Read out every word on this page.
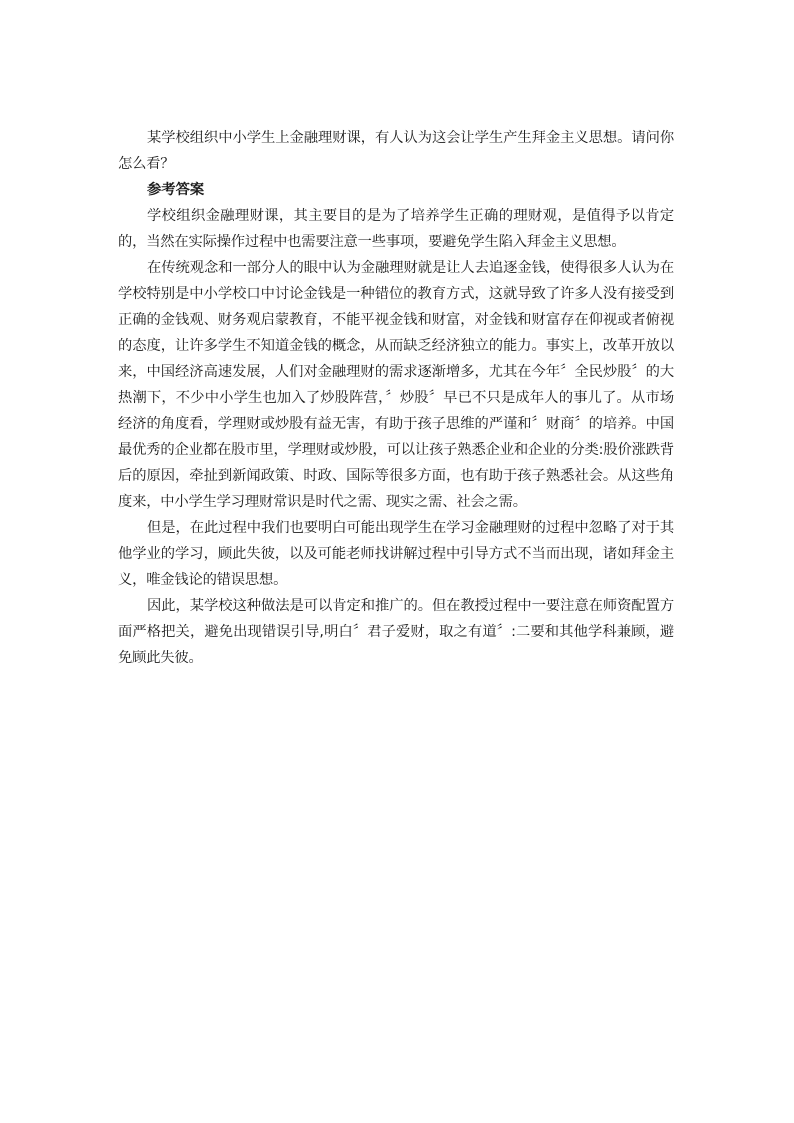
某学校组织中小学生上金融理财课，有人认为这会让学生产生拜金主义思想。请问你怎么看？

参考答案

学校组织金融理财课，其主要目的是为了培养学生正确的理财观，是值得予以肯定的，当然在实际操作过程中也需要注意一些事项，要避免学生陷入拜金主义思想。

在传统观念和一部分人的眼中认为金融理财就是让人去追逐金钱，使得很多人认为在学校特别是中小学校口中讨论金钱是一种错位的教育方式，这就导致了许多人没有接受到正确的金钱观、财务观启蒙教育，不能平视金钱和财富，对金钱和财富存在仰视或者俯视的态度，让许多学生不知道金钱的概念，从而缺乏经济独立的能力。事实上，改革开放以来，中国经济高速发展，人们对金融理财的需求逐渐增多，尤其在今年〞全民炒股〞的大热潮下，不少中小学生也加入了炒股阵营，〞炒股〞早已不只是成年人的事儿了。从市场经济的角度看，学理财或炒股有益无害，有助于孩子思维的严谨和〞财商〞的培养。中国最优秀的企业都在股市里，学理财或炒股，可以让孩子熟悉企业和企业的分类:股价涨跌背后的原因，牵扯到新闻政策、时政、国际等很多方面，也有助于孩子熟悉社会。从这些角度来，中小学生学习理财常识是时代之需、现实之需、社会之需。

但是，在此过程中我们也要明白可能出现学生在学习金融理财的过程中忽略了对于其他学业的学习，顾此失彼，以及可能老师找讲解过程中引导方式不当而出现，诸如拜金主义，唯金钱论的错误思想。

因此，某学校这种做法是可以肯定和推广的。但在教授过程中一要注意在师资配置方面严格把关，避免出现错误引导,明白〞君子爱财，取之有道〞:二要和其他学科兼顾，避免顾此失彼。
